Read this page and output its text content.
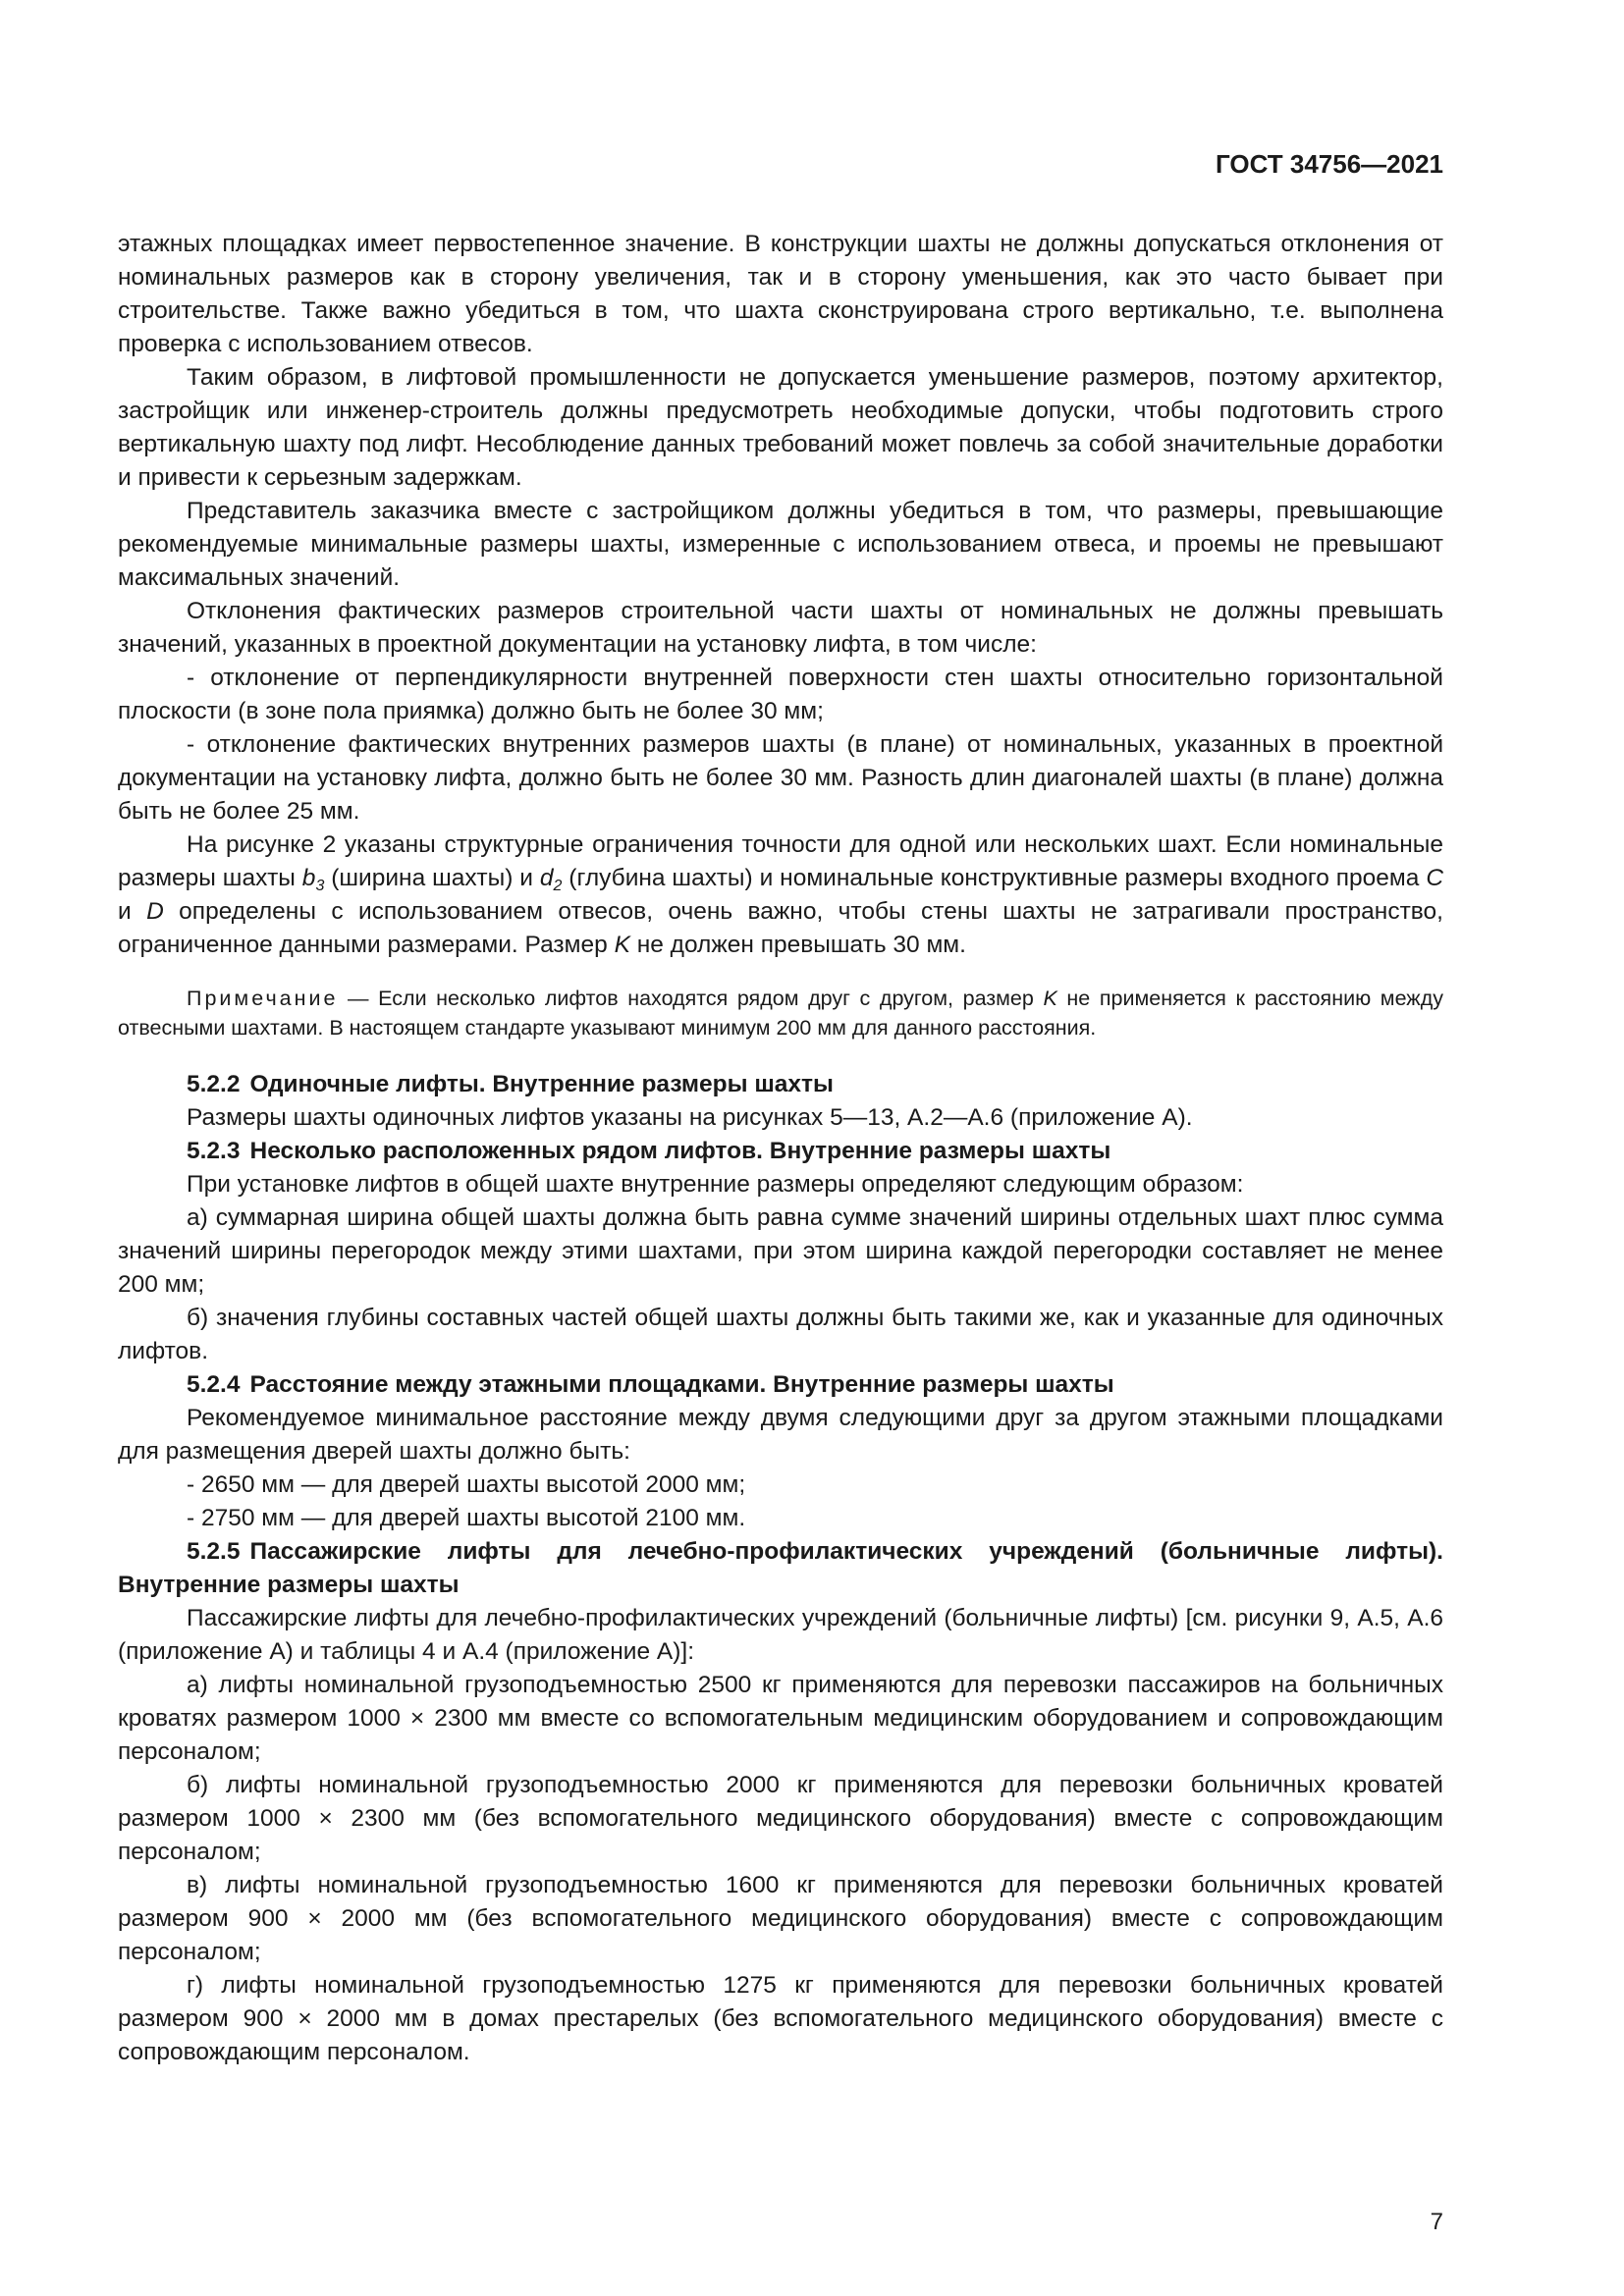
ГОСТ 34756—2021

этажных площадках имеет первостепенное значение. В конструкции шахты не должны допускаться отклонения от номинальных размеров как в сторону увеличения, так и в сторону уменьшения, как это часто бывает при строительстве. Также важно убедиться в том, что шахта сконструирована строго вертикально, т.е. выполнена проверка с использованием отвесов.

Таким образом, в лифтовой промышленности не допускается уменьшение размеров, поэтому архитектор, застройщик или инженер-строитель должны предусмотреть необходимые допуски, чтобы подготовить строго вертикальную шахту под лифт. Несоблюдение данных требований может повлечь за собой значительные доработки и привести к серьезным задержкам.

Представитель заказчика вместе с застройщиком должны убедиться в том, что размеры, превышающие рекомендуемые минимальные размеры шахты, измеренные с использованием отвеса, и проемы не превышают максимальных значений.

Отклонения фактических размеров строительной части шахты от номинальных не должны превышать значений, указанных в проектной документации на установку лифта, в том числе:

- отклонение от перпендикулярности внутренней поверхности стен шахты относительно горизонтальной плоскости (в зоне пола приямка) должно быть не более 30 мм;

- отклонение фактических внутренних размеров шахты (в плане) от номинальных, указанных в проектной документации на установку лифта, должно быть не более 30 мм. Разность длин диагоналей шахты (в плане) должна быть не более 25 мм.

На рисунке 2 указаны структурные ограничения точности для одной или нескольких шахт. Если номинальные размеры шахты $b_3$ (ширина шахты) и $d_2$ (глубина шахты) и номинальные конструктивные размеры входного проема C и D определены с использованием отвесов, очень важно, чтобы стены шахты не затрагивали пространство, ограниченное данными размерами. Размер K не должен превышать 30 мм.

Примечание — Если несколько лифтов находятся рядом друг с другом, размер K не применяется к расстоянию между отвесными шахтами. В настоящем стандарте указывают минимум 200 мм для данного расстояния.

5.2.2 Одиночные лифты. Внутренние размеры шахты

Размеры шахты одиночных лифтов указаны на рисунках 5—13, А.2—А.6 (приложение А).

5.2.3 Несколько расположенных рядом лифтов. Внутренние размеры шахты

При установке лифтов в общей шахте внутренние размеры определяют следующим образом:

а) суммарная ширина общей шахты должна быть равна сумме значений ширины отдельных шахт плюс сумма значений ширины перегородок между этими шахтами, при этом ширина каждой перегородки составляет не менее 200 мм;

б) значения глубины составных частей общей шахты должны быть такими же, как и указанные для одиночных лифтов.

5.2.4 Расстояние между этажными площадками. Внутренние размеры шахты

Рекомендуемое минимальное расстояние между двумя следующими друг за другом этажными площадками для размещения дверей шахты должно быть:

- 2650 мм — для дверей шахты высотой 2000 мм;

- 2750 мм — для дверей шахты высотой 2100 мм.

5.2.5 Пассажирские лифты для лечебно-профилактических учреждений (больничные лифты). Внутренние размеры шахты

Пассажирские лифты для лечебно-профилактических учреждений (больничные лифты) [см. рисунки 9, А.5, А.6 (приложение А) и таблицы 4 и А.4 (приложение А)]:

а) лифты номинальной грузоподъемностью 2500 кг применяются для перевозки пассажиров на больничных кроватях размером 1000 × 2300 мм вместе со вспомогательным медицинским оборудованием и сопровождающим персоналом;

б) лифты номинальной грузоподъемностью 2000 кг применяются для перевозки больничных кроватей размером 1000 × 2300 мм (без вспомогательного медицинского оборудования) вместе с сопровождающим персоналом;

в) лифты номинальной грузоподъемностью 1600 кг применяются для перевозки больничных кроватей размером 900 × 2000 мм (без вспомогательного медицинского оборудования) вместе с сопровождающим персоналом;

г) лифты номинальной грузоподъемностью 1275 кг применяются для перевозки больничных кроватей размером 900 × 2000 мм в домах престарелых (без вспомогательного медицинского оборудования) вместе с сопровождающим персоналом.

7
